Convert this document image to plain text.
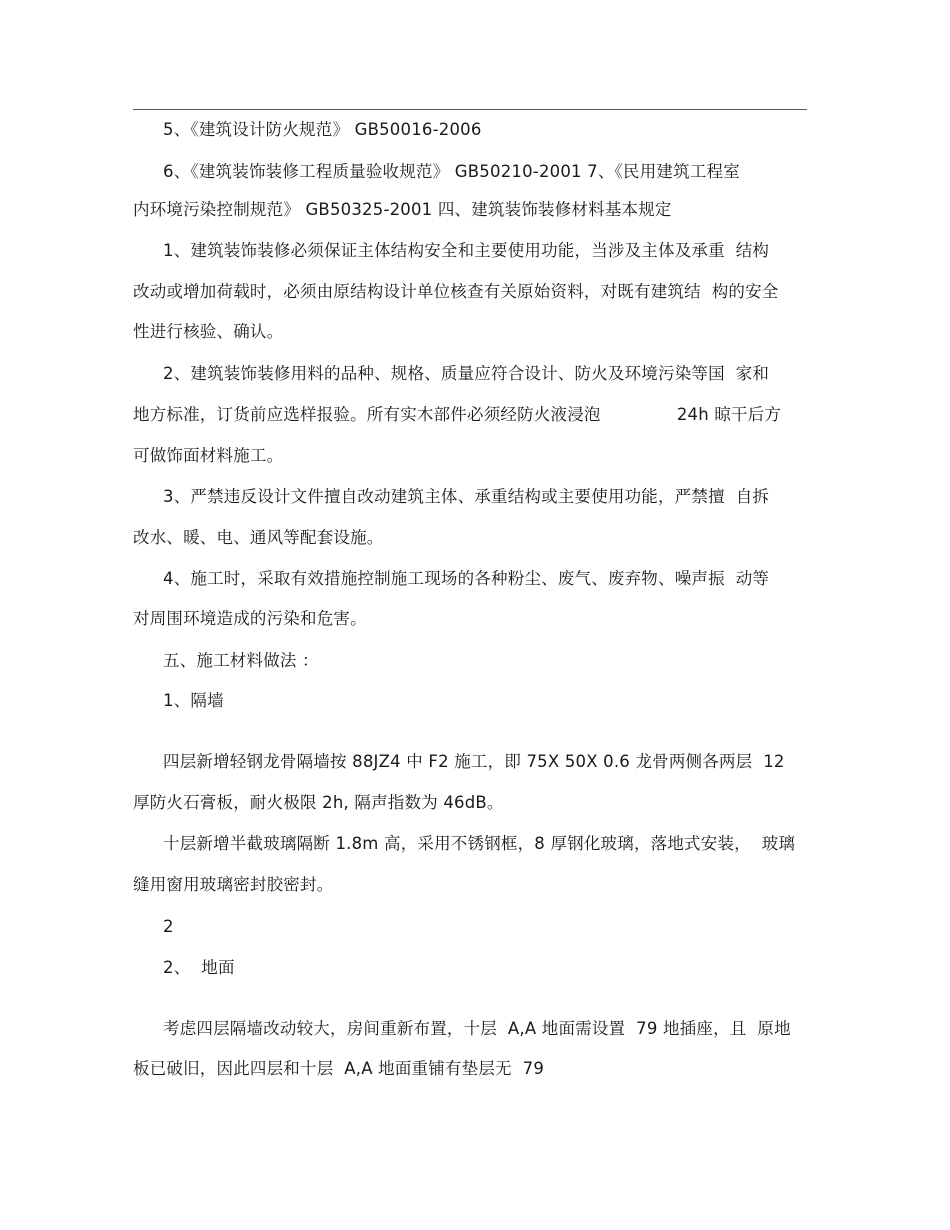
5、《建筑设计防火规范》 GB50016-2006
6、《建筑装饰装修工程质量验收规范》 GB50210-2001 7、《民用建筑工程室
内环境污染控制规范》 GB50325-2001 四、建筑装饰装修材料基本规定
1、建筑装饰装修必须保证主体结构安全和主要使用功能，当涉及主体及承重  结构
改动或增加荷载时，必须由原结构设计单位核查有关原始资料，对既有建筑结  构的安全
性进行核验、确认。
2、建筑装饰装修用料的品种、规格、质量应符合设计、防火及环境污染等国  家和
地方标准，订货前应选样报验。所有实木部件必须经防火液浸泡              24h 晾干后方
可做饰面材料施工。
3、严禁违反设计文件擅自改动建筑主体、承重结构或主要使用功能，严禁擅  自拆
改水、暖、电、通风等配套设施。
4、施工时，采取有效措施控制施工现场的各种粉尘、废气、废弃物、噪声振  动等
对周围环境造成的污染和危害。
五、施工材料做法 ：
1、隔墙
四层新增轻钢龙骨隔墙按 88JZ4 中 F2 施工，即 75X 50X 0.6 龙骨两侧各两层  12
厚防火石膏板，耐火极限 2h, 隔声指数为 46dB。
十层新增半截玻璃隔断 1.8m 高，采用不锈钢框，8 厚钢化玻璃，落地式安装，  玻璃
缝用窗用玻璃密封胶密封。
2
2、  地面
考虑四层隔墙改动较大，房间重新布置，十层  A,A 地面需设置  79 地插座，且  原地
板已破旧，因此四层和十层  A,A 地面重铺有垫层无  79
